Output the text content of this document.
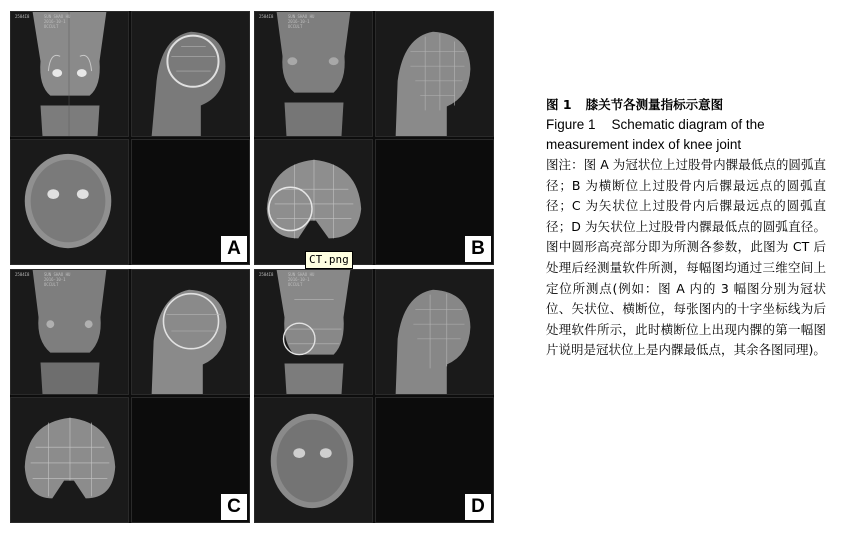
2584I8      SUN SHAO HU
2016-10-1
OCCULT
A
2584I8      SUN SHAO HU
2016-10-1
OCCULT
B
2584I8      SUN SHAO HU
2016-10-1
OCCULT
C
2584I8      SUN SHAO HU
2016-10-1
OCCULT
D
CT.png
图 1 膝关节各测量指标示意图
Figure 1 Schematic diagram of the measurement index of knee joint
图注：图 A 为冠状位上过股骨内髁最低点的圆弧直径；B 为横断位上过股骨内后髁最远点的圆弧直径；C 为矢状位上过股骨内后髁最远点的圆弧直径；D 为矢状位上过股骨内髁最低点的圆弧直径。图中圆形高亮部分即为所测各参数，此图为 CT 后处理后经测量软件所测，每幅图均通过三维空间上定位所测点(例如：图 A 内的 3 幅图分别为冠状位、矢状位、横断位，每张图内的十字坐标线为后处理软件所示，此时横断位上出现内髁的第一幅图片说明是冠状位上是内髁最低点，其余各图同理)。
